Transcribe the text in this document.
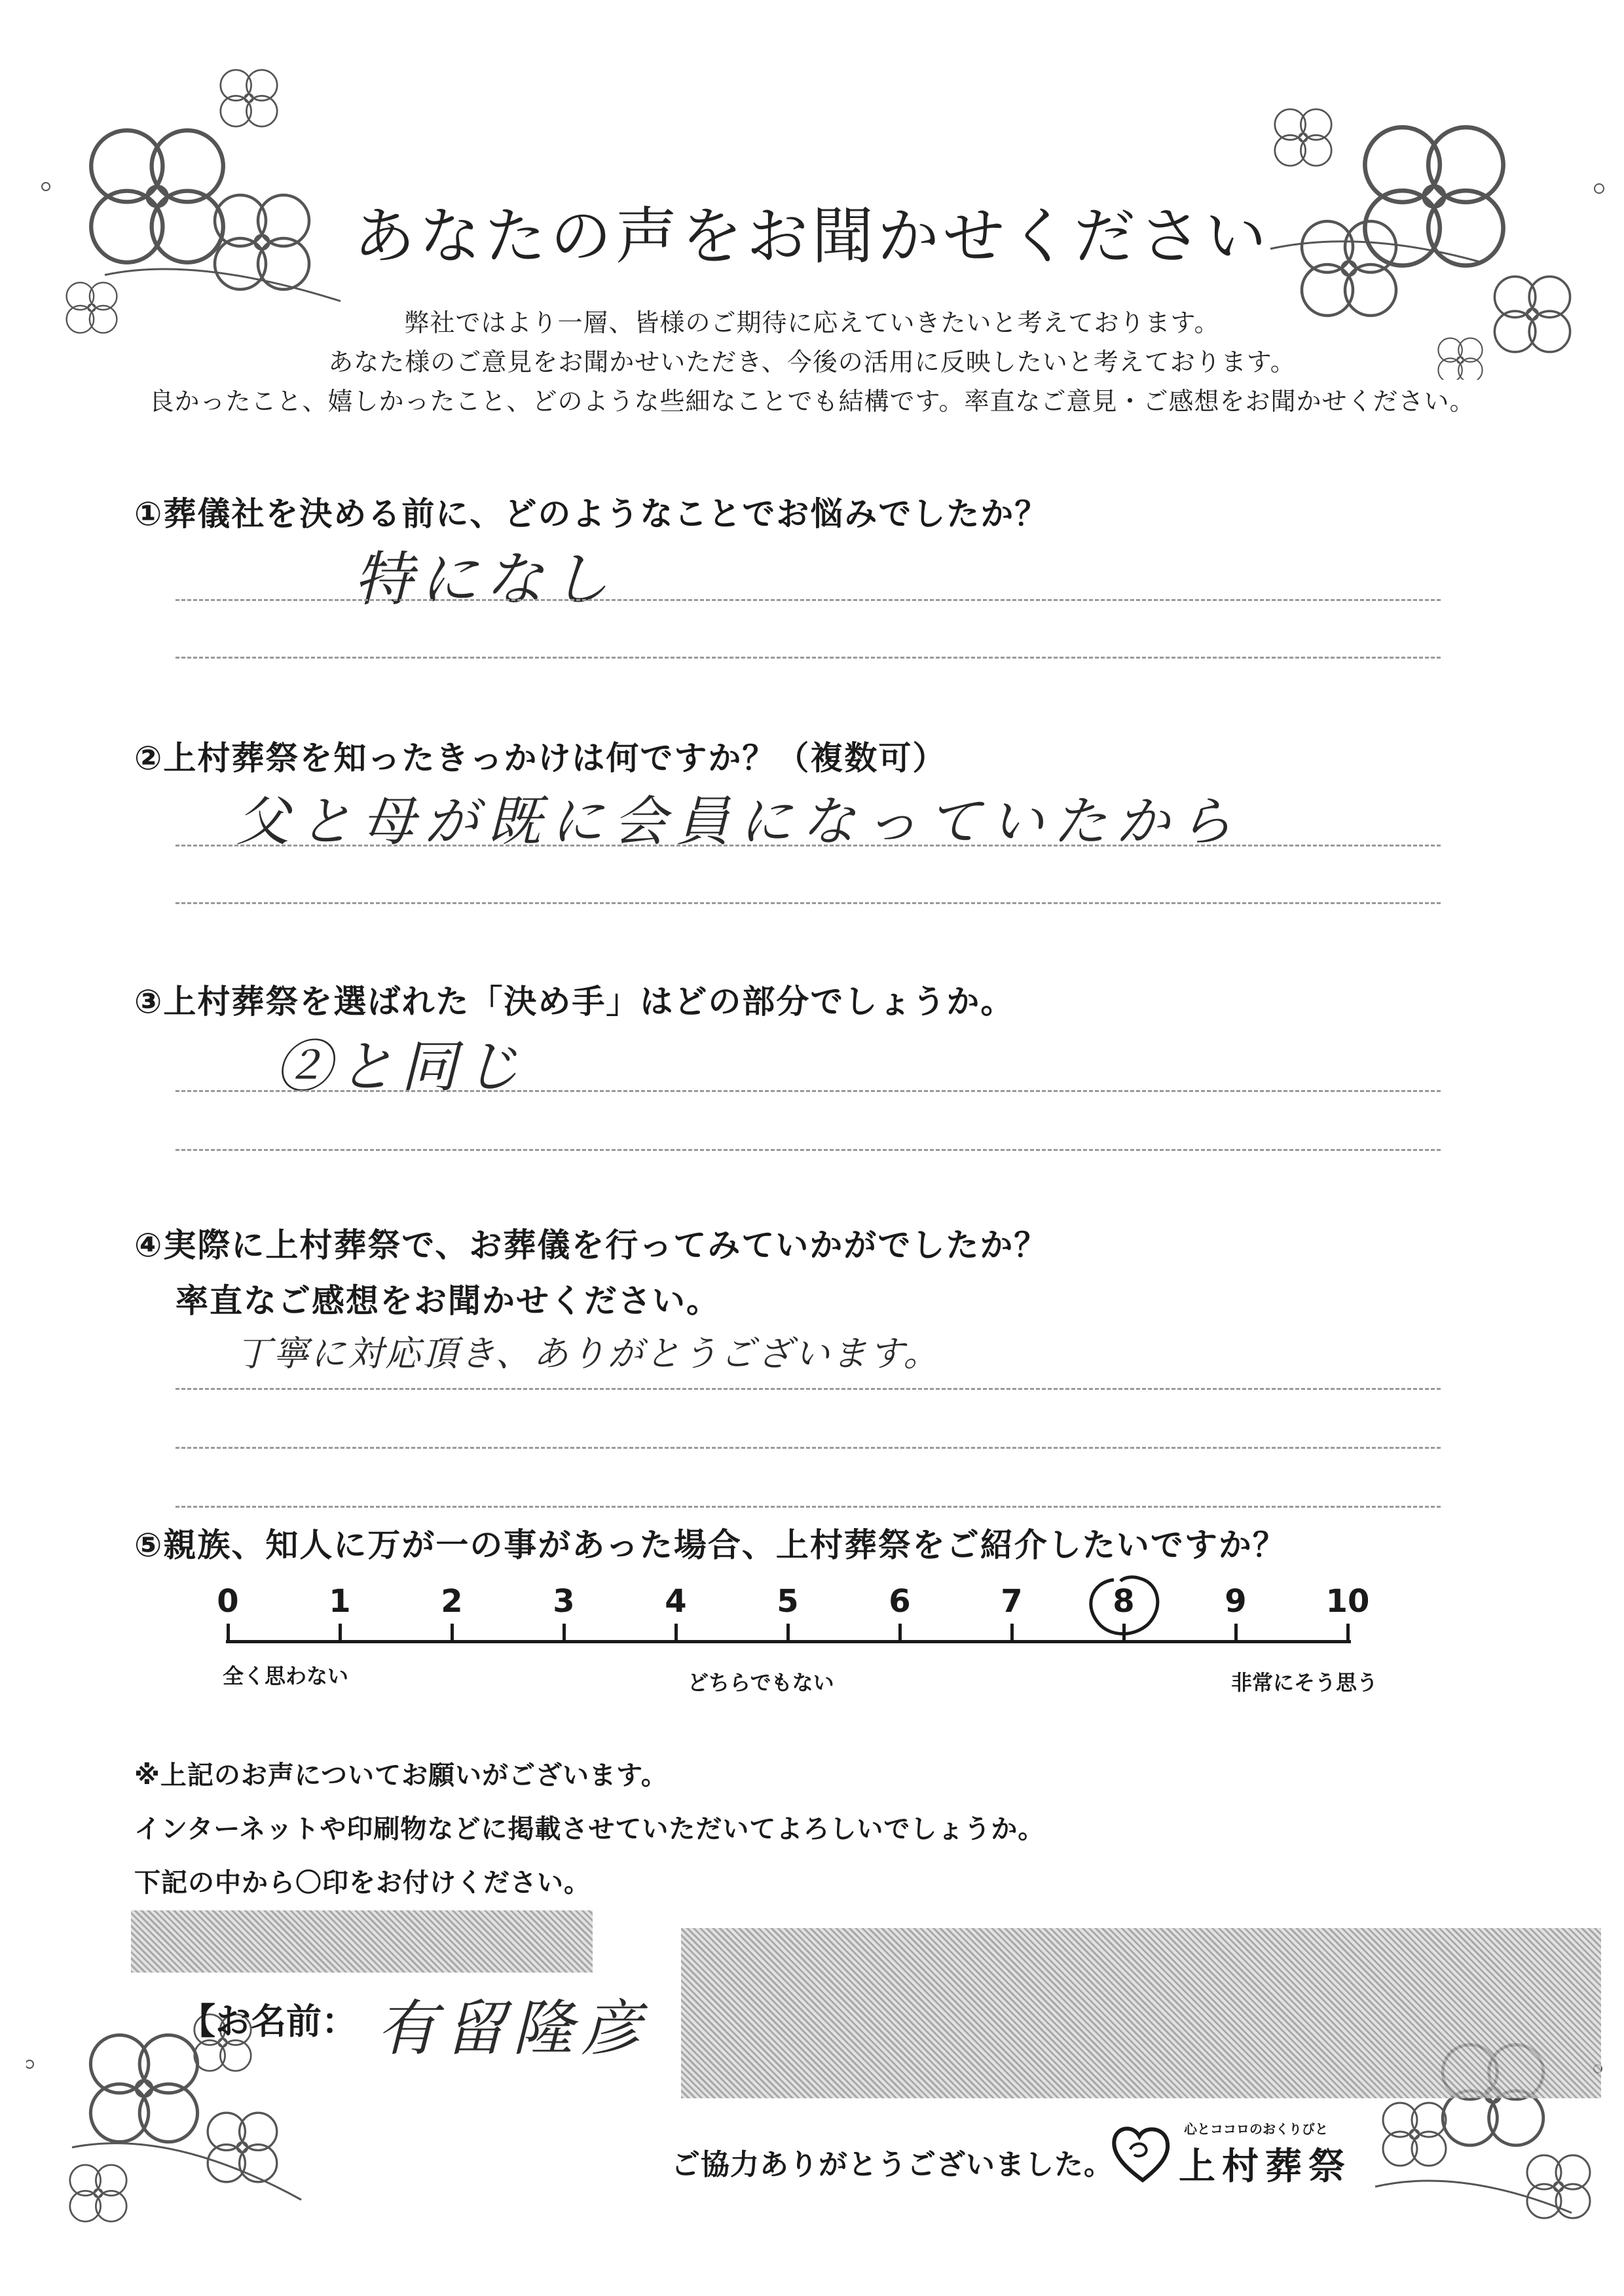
あなたの声をお聞かせください
弊社ではより一層、皆様のご期待に応えていきたいと考えております。
あなた様のご意見をお聞かせいただき、今後の活用に反映したいと考えております。
良かったこと、嬉しかったこと、どのような些細なことでも結構です。率直なご意見・ご感想をお聞かせください。
①葬儀社を決める前に、どのようなことでお悩みでしたか？
特になし
②上村葬祭を知ったきっかけは何ですか？（複数可）
父と母が既に会員になっていたから
③上村葬祭を選ばれた「決め手」はどの部分でしょうか。
②と同じ
④実際に上村葬祭で、お葬儀を行ってみていかがでしたか？
率直なご感想をお聞かせください。
丁寧に対応頂き、ありがとうございます。
⑤親族、知人に万が一の事があった場合、上村葬祭をご紹介したいですか？
0	1	2	3	4	5	6	7	8	9	10
全く思わない	どちらでもない	非常にそう思う
※上記のお声についてお願いがございます。
インターネットや印刷物などに掲載させていただいてよろしいでしょうか。
下記の中から〇印をお付けください。
【お名前： 有留隆彦
ご協力ありがとうございました。
心とココロのおくりびと
上村葬祭
